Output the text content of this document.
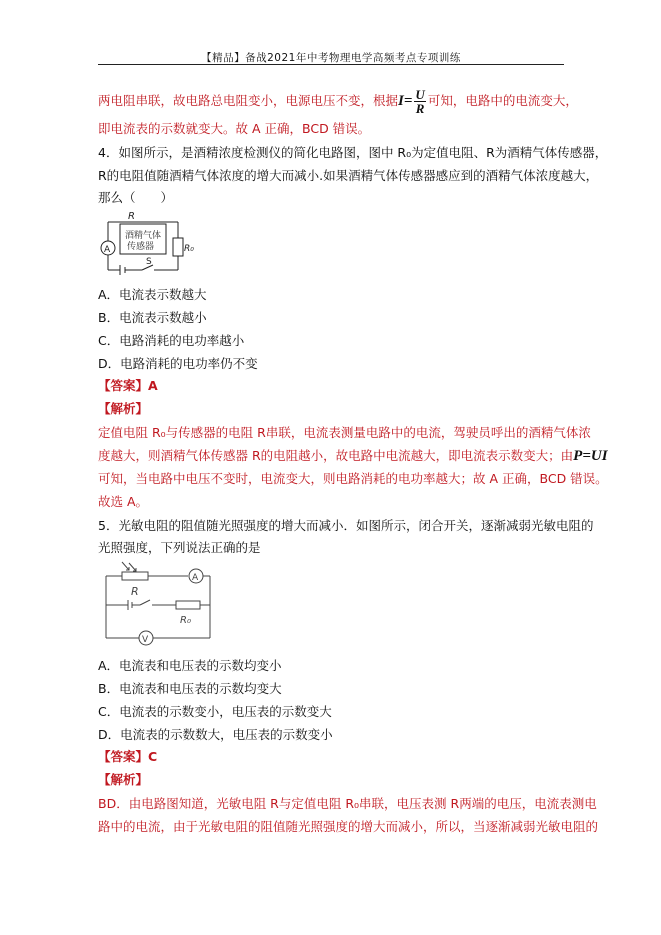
【精品】备战2021年中考物理电学高频考点专项训练
两电阻串联，故电路总电阻变小，电源电压不变，根据$I= \frac{U}{R}$ 可知，电路中的电流变大，
即电流表的示数就变大。故 A 正确，BCD 错误。
4．如图所示，是酒精浓度检测仪的简化电路图，图中 R₀为定值电阻、R为酒精气体传感器，
R的电阻值随酒精气体浓度的增大而减小.如果酒精气体传感器感应到的酒精气体浓度越大，
那么（　　）
R
酒精气体
传感器	R₀
A
S
A．电流表示数越大
B．电流表示数越小
C．电路消耗的电功率越小
D．电路消耗的电功率仍不变
【答案】A
【解析】
定值电阻 R₀与传感器的电阻 R串联，电流表测量电路中的电流，驾驶员呼出的酒精气体浓
度越大，则酒精气体传感器 R的电阻越小，故电路中电流越大，即电流表示数变大；由P=UI
可知，当电路中电压不变时，电流变大，则电路消耗的电功率越大；故 A 正确，BCD 错误。
故选 A。
5．光敏电阻的阻值随光照强度的增大而减小．如图所示，闭合开关，逐渐减弱光敏电阻的
光照强度，下列说法正确的是
R
R₀
A
V
A．电流表和电压表的示数均变小
B．电流表和电压表的示数均变大
C．电流表的示数变小，电压表的示数变大
D．电流表的示数数大，电压表的示数变小
【答案】C
【解析】
BD．由电路图知道，光敏电阻 R与定值电阻 R₀串联，电压表测 R两端的电压，电流表测电
路中的电流，由于光敏电阻的阻值随光照强度的增大而减小，所以，当逐渐减弱光敏电阻的
